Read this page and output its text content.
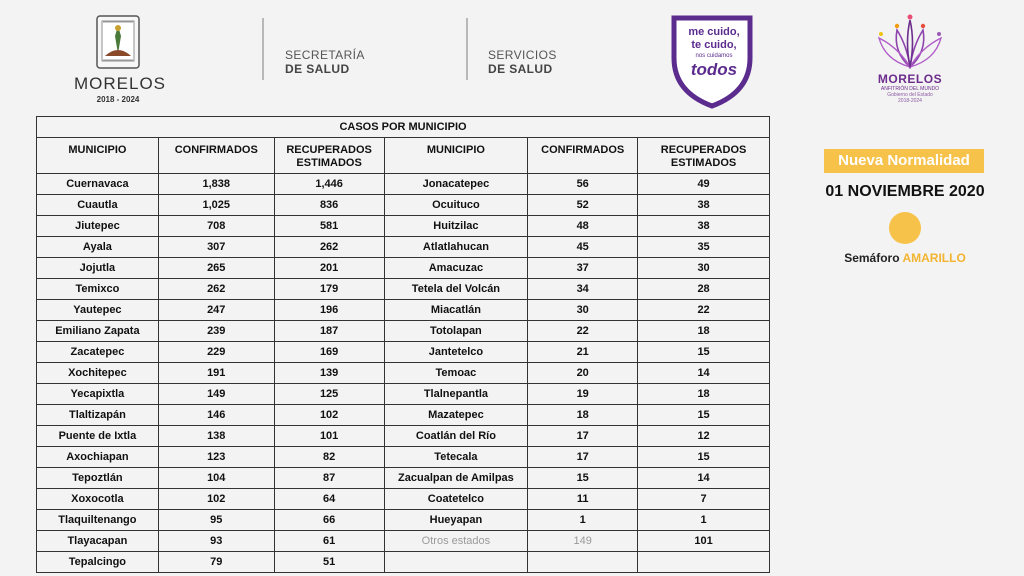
MORELOS
2018 - 2024
SECRETARÍA
DE SALUD
SERVICIOS
DE SALUD
me cuido,
te cuido,
nos cuidamos
todos	MORELOS
ANFITRIÓN DEL MUNDO
Gobierno del Estado
2018-2024
CASOS POR MUNICIPIO					
MUNICIPIO	CONFIRMADOS	RECUPERADOS ESTIMADOS	MUNICIPIO	CONFIRMADOS	RECUPERADOS ESTIMADOS
Cuernavaca	1,838	1,446	Jonacatepec	56	49
Cuautla	1,025	836	Ocuituco	52	38
Jiutepec	708	581	Huitzilac	48	38
Ayala	307	262	Atlatlahucan	45	35
Jojutla	265	201	Amacuzac	37	30
Temixco	262	179	Tetela del Volcán	34	28
Yautepec	247	196	Miacatlán	30	22
Emiliano Zapata	239	187	Totolapan	22	18
Zacatepec	229	169	Jantetelco	21	15
Xochitepec	191	139	Temoac	20	14
Yecapixtla	149	125	Tlalnepantla	19	18
Tlaltizapán	146	102	Mazatepec	18	15
Puente de Ixtla	138	101	Coatlán del Río	17	12
Axochiapan	123	82	Tetecala	17	15
Tepoztlán	104	87	Zacualpan de Amilpas	15	14
Xoxocotla	102	64	Coatetelco	11	7
Tlaquiltenango	95	66	Hueyapan	1	1
Tlayacapan	93	61	Otros estados	149	101
Tepalcingo	79	51			
Nueva Normalidad
01 NOVIEMBRE 2020
Semáforo AMARILLO
